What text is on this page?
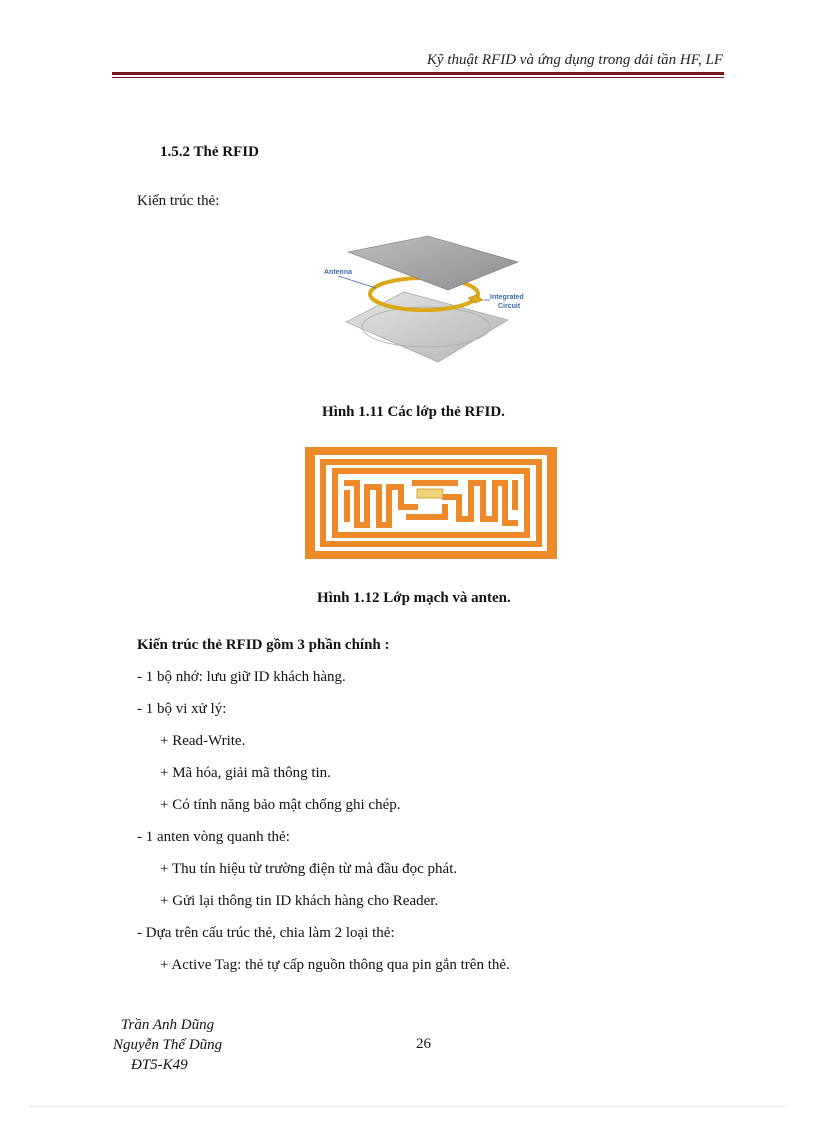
Kỹ thuật RFID và ứng dụng trong dải tần HF, LF
1.5.2 Thẻ RFID
Kiến trúc thẻ:
Antenna
Integrated
Circuit
Hình 1.11 Các lớp thẻ RFID.
Hình 1.12 Lớp mạch và anten.
Kiến trúc thẻ RFID gồm 3 phần chính :
- 1 bộ nhớ: lưu giữ ID khách hàng.
- 1 bộ vi xử lý:
+ Read-Write.
+ Mã hóa, giải mã thông tin.
+ Có tính năng bảo mật chống ghi chép.
- 1 anten vòng quanh thẻ:
+ Thu tín hiệu từ trường điện từ mà đầu đọc phát.
+ Gửi lại thông tin ID khách hàng cho Reader.
- Dựa trên cấu trúc thẻ, chia làm 2 loại thẻ:
+ Active Tag: thẻ tự cấp nguồn thông qua pin gắn trên thẻ.
Trần Anh Dũng
Nguyễn Thế Dũng
ĐT5-K49
26
